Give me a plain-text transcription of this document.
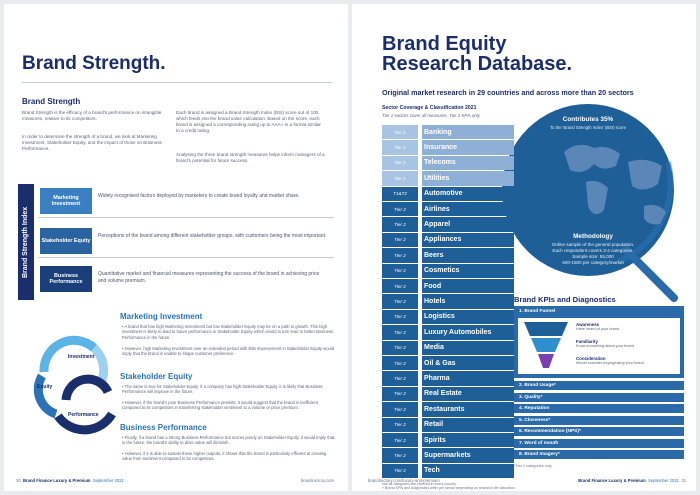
Brand Strength.
Brand Strength
Brand Strength is the efficacy of a brand's performance on intangible measures, relative to its competitors.
In order to determine the strength of a brand, we look at Marketing Investment, Stakeholder Equity, and the impact of those on Business Performance.
Each brand is assigned a Brand Strength Index (BSI) score out of 100, which feeds into the brand value calculation. Based on the score, each brand is assigned a corresponding rating up to AAA+ in a format similar to a credit rating.
Analysing the three brand strength measures helps inform managers of a brand's potential for future success.
Brand Strength Index
Marketing Investment
Widely recognised factors deployed by marketers to create brand loyalty and market share.
Stakeholder Equity
Perceptions of the brand among different stakeholder groups, with customers being the most important.
Business Performance
Quantitative market and financial measures representing the success of the brand in achieving price and volume premium.
Investment
Equity
Performance
Marketing Investment
• A brand that has high Marketing Investment but low Stakeholder Equity may be on a path to growth. This high investment is likely to lead to future performance in Stakeholder Equity which would in turn lead to better Business Performance in the future.
• However, high Marketing Investment over an extended period with little improvement in Stakeholder Equity would imply that the brand is unable to shape customer preference.
Stakeholder Equity
• The same is true for Stakeholder Equity. If a company has high Stakeholder Equity, it is likely that Business Performance will improve in the future.
• However, if the brand's poor Business Performance persists, it would suggest that the brand is inefficient compared to its competitors in transferring stakeholder sentiment to a volume or price premium.
Business Performance
• Finally, if a brand has a strong Business Performance but scores poorly on Stakeholder Equity, it would imply that, in the future, the brand's ability to drive value will diminish.
• However, if it is able to sustain these higher outputs, it shows that the brand is particularly efficient at creating value from sentiment compared to its competitors.
30 Brand Finance Luxury & Premium September 2021	brandirectory.com
Brand Equity
Research Database.
Original market research in 29 countries and across more than 20 sectors
Sector Coverage & Classification 2021
Tier 1 sectors cover all measures, Tier 2 KPIs only
Contributes 35%
To the 'Brand Strength Index' (BSI) score
Methodology
Online sample of the general population.
Each respondent covers 3-4 categories.
Sample size: 55,000
500-1500 per category/market
Not all categories are covered in every country.
† Brand KPIs and diagnostics differ per sector depending on research tier allocation.
Brand KPIs and Diagnostics
1. Brand Funnel
Awareness
Have heard of your brand
Familiarity
Know something about your brand
Consideration
Would consider buying/using your brand
*Tier 1 categories only
brandirectory.com/luxury-and-premium	Brand Finance Luxury & Premium September 2021 31
Tier 1	Banking
Tier 1	Insurance
Tier 1	Telecoms
Tier 1	Utilities
T1&T2	Automotive
Tier 2	Airlines
Tier 2	Apparel
Tier 2	Appliances
Tier 2	Beers
Tier 2	Cosmetics
Tier 2	Food
Tier 2	Hotels
Tier 2	Logistics
Tier 2	Luxury Automobiles
Tier 2	Media
Tier 2	Oil & Gas
Tier 2	Pharma
Tier 2	Real Estate
Tier 2	Restaurants
Tier 2	Retail
Tier 2	Spirits
Tier 2	Supermarkets
Tier 2	Tech
2. Brand Usage*
3. Quality*
4. Reputation
5. Closeness*
6. Recommendation (NPS)*
7. Word of mouth
8. Brand Imagery*
